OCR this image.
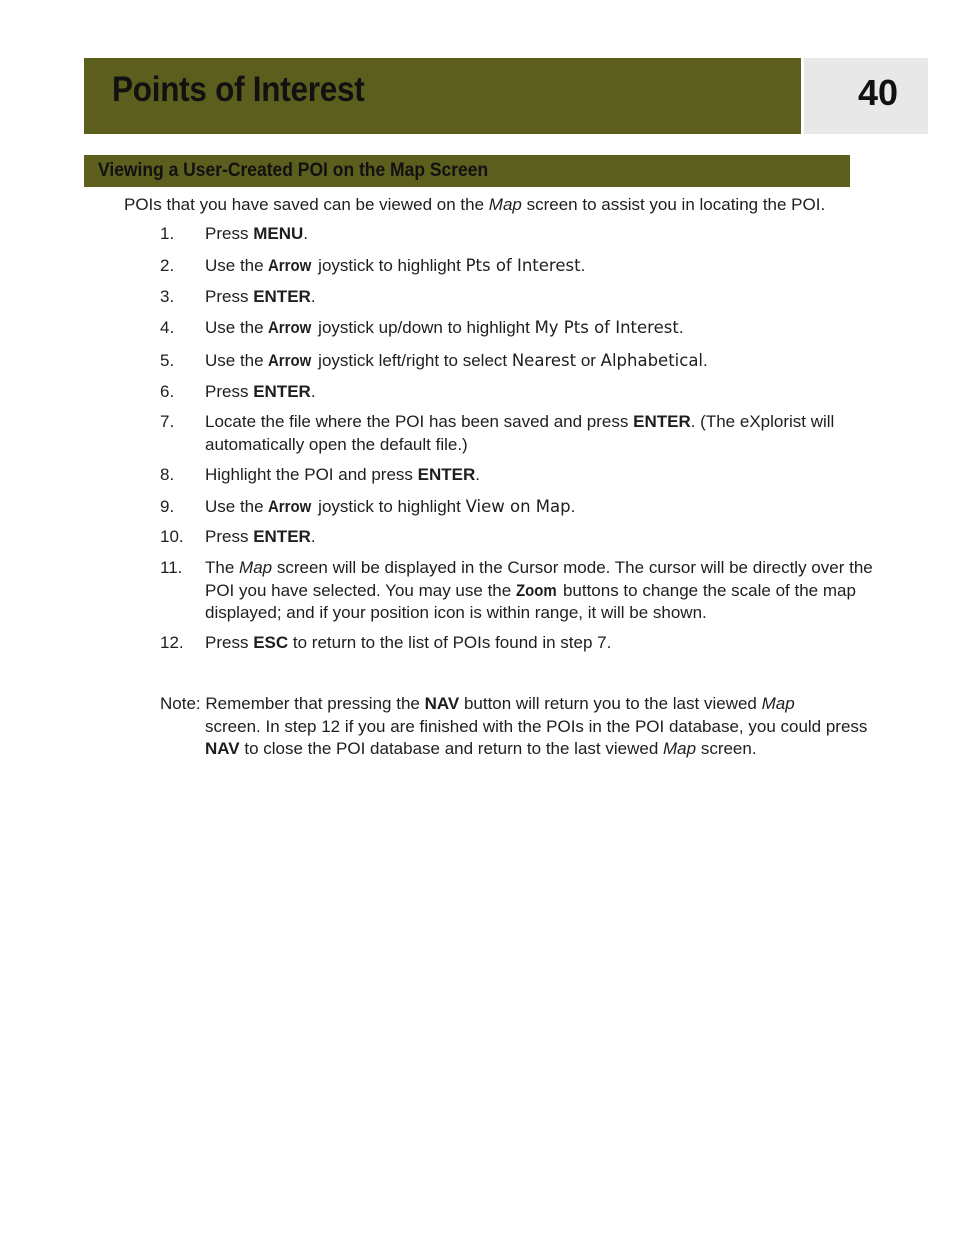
Points of Interest	40
Viewing a User-Created POI on the Map Screen

POIs that you have saved can be viewed on the Map screen to assist you in locating the POI.

1.	Press MENU.
2.	Use the Arrow joystick to highlight Pts of Interest.
3.	Press ENTER.
4.	Use the Arrow joystick up/down to highlight My Pts of Interest.
5.	Use the Arrow joystick left/right to select Nearest or Alphabetical.
6.	Press ENTER.
7.	Locate the file where the POI has been saved and press ENTER. (The eXplorist will automatically open the default file.)
8.	Highlight the POI and press ENTER.
9.	Use the Arrow joystick to highlight View on Map.
10.	Press ENTER.
11.	The Map screen will be displayed in the Cursor mode. The cursor will be directly over the POI you have selected. You may use the Zoom buttons to change the scale of the map displayed; and if your position icon is within range, it will be shown.
12.	Press ESC to return to the list of POIs found in step 7.
Note: Remember that pressing the NAV button will return you to the last viewed Map
screen. In step 12 if you are finished with the POIs in the POI database, you could press NAV to close the POI database and return to the last viewed Map screen.
